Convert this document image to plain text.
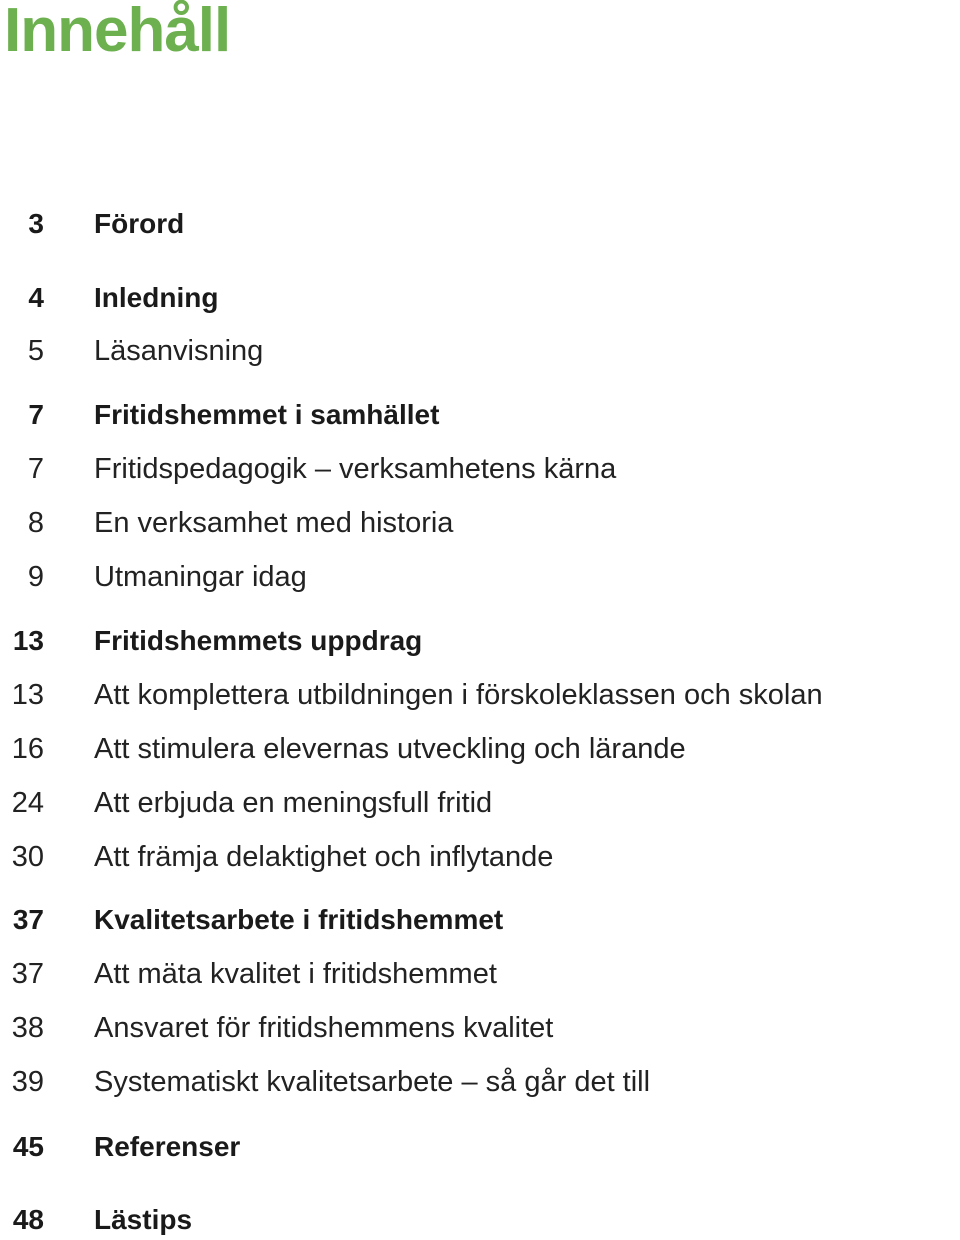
Innehåll
3 Förord
4 Inledning
5 Läsanvisning
7 Fritidshemmet i samhället
7 Fritidspedagogik – verksamhetens kärna
8 En verksamhet med historia
9 Utmaningar idag
13 Fritidshemmets uppdrag
13 Att komplettera utbildningen i förskoleklassen och skolan
16 Att stimulera elevernas utveckling och lärande
24 Att erbjuda en meningsfull fritid
30 Att främja delaktighet och inflytande
37 Kvalitetsarbete i fritidshemmet
37 Att mäta kvalitet i fritidshemmet
38 Ansvaret för fritidshemmens kvalitet
39 Systematiskt kvalitetsarbete – så går det till
45 Referenser
48 Lästips
